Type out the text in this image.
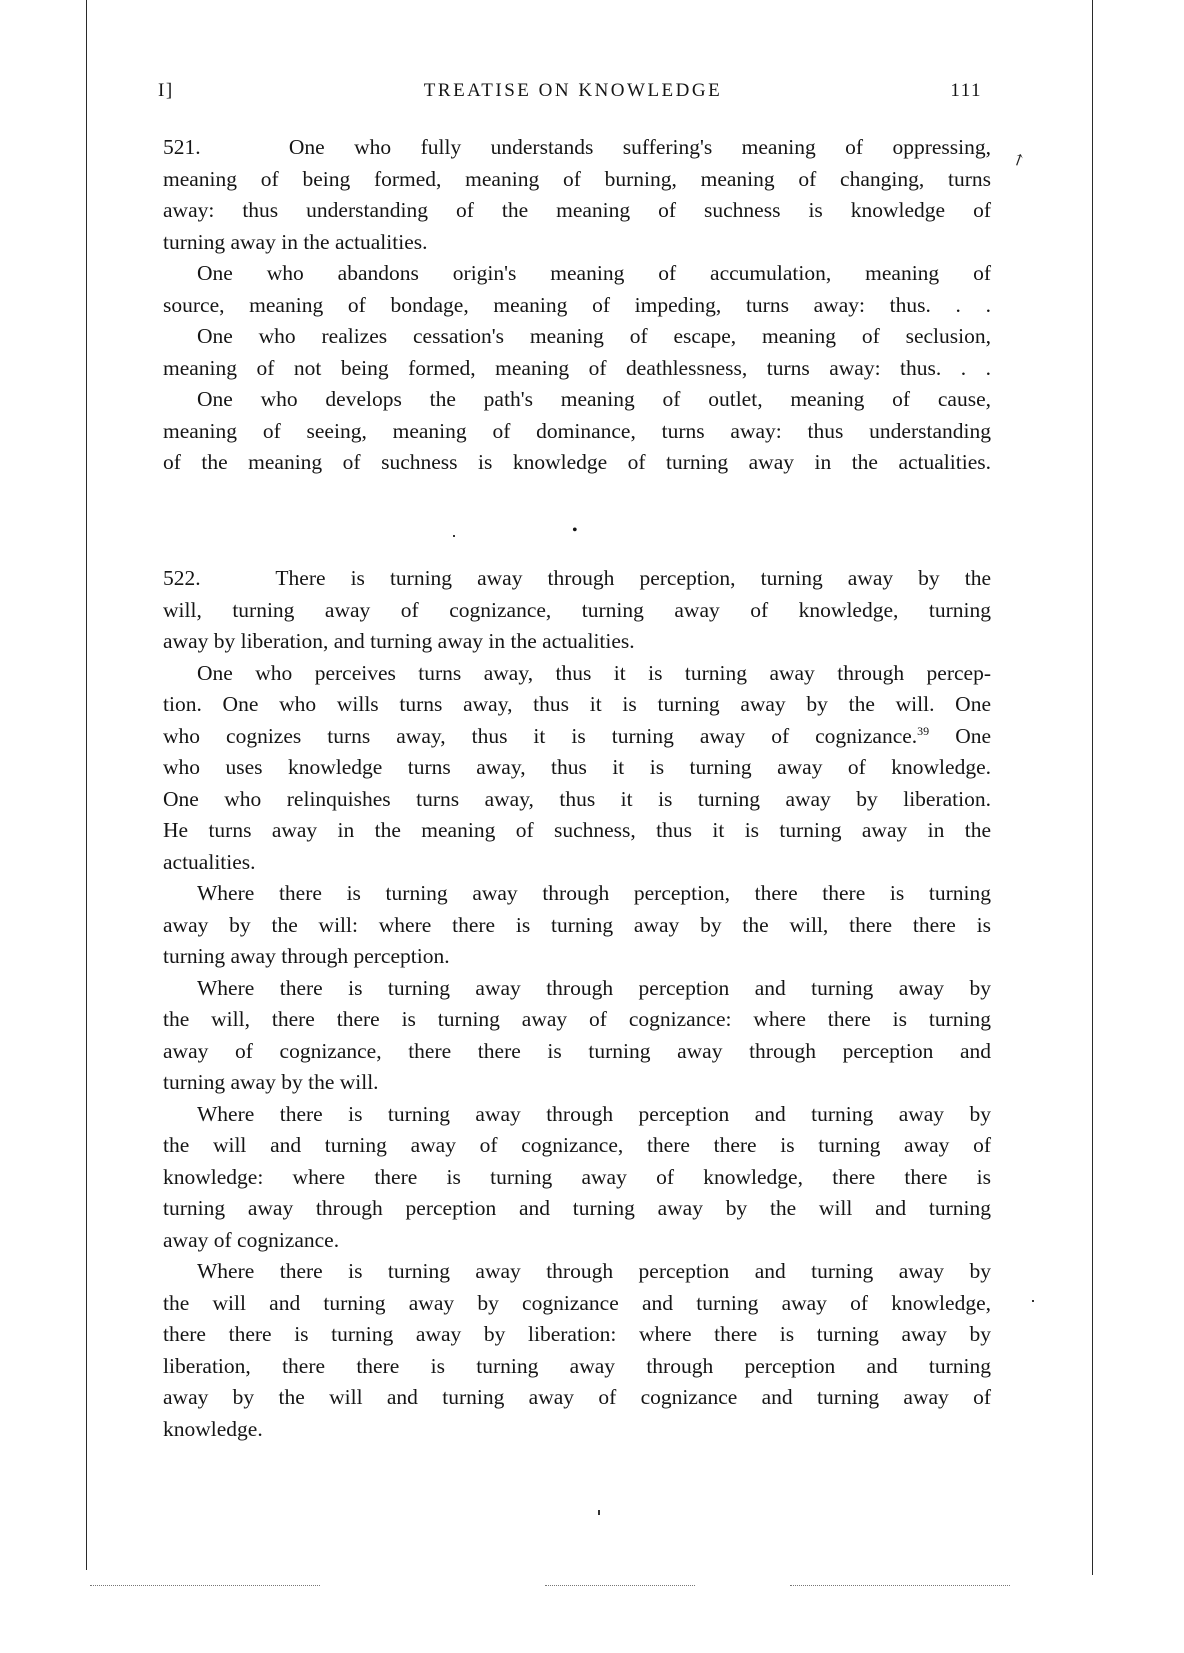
I]	TREATISE ON KNOWLEDGE	111
↗
521.	One who fully understands suffering's meaning of oppressing,
meaning of being formed, meaning of burning, meaning of changing, turns
away: thus understanding of the meaning of suchness is knowledge of
turning away in the actualities.
One who abandons origin's meaning of accumulation, meaning of
source, meaning of bondage, meaning of impeding, turns away: thus. . .
One who realizes cessation's meaning of escape, meaning of seclusion,
meaning of not being formed, meaning of deathlessness, turns away: thus. . .
One who develops the path's meaning of outlet, meaning of cause,
meaning of seeing, meaning of dominance, turns away: thus understanding
of the meaning of suchness is knowledge of turning away in the actualities.
•
522.	There is turning away through perception, turning away by the
will, turning away of cognizance, turning away of knowledge, turning
away by liberation, and turning away in the actualities.
One who perceives turns away, thus it is turning away through percep-
tion. One who wills turns away, thus it is turning away by the will. One
who cognizes turns away, thus it is turning away of cognizance.$^{39}$ One
who uses knowledge turns away, thus it is turning away of knowledge.
One who relinquishes turns away, thus it is turning away by liberation.
He turns away in the meaning of suchness, thus it is turning away in the
actualities.
Where there is turning away through perception, there there is turning
away by the will: where there is turning away by the will, there there is
turning away through perception.
Where there is turning away through perception and turning away by
the will, there there is turning away of cognizance: where there is turning
away of cognizance, there there is turning away through perception and
turning away by the will.
Where there is turning away through perception and turning away by
the will and turning away of cognizance, there there is turning away of
knowledge: where there is turning away of knowledge, there there is
turning away through perception and turning away by the will and turning
away of cognizance.
Where there is turning away through perception and turning away by
the will and turning away by cognizance and turning away of knowledge,
there there is turning away by liberation: where there is turning away by
liberation, there there is turning away through perception and turning
away by the will and turning away of cognizance and turning away of
knowledge.
